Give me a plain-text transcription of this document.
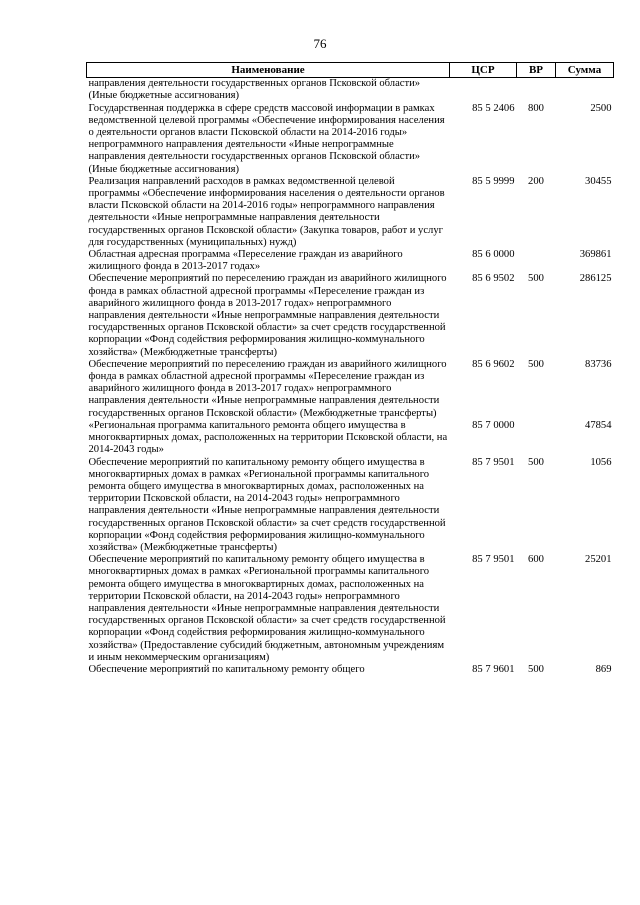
76
Наименование	ЦСР	ВР	Сумма
направления деятельности государственных органов Псковской области» (Иные бюджетные ассигнования)			
Государственная поддержка в сфере средств массовой информации в рамках ведомственной целевой программы «Обеспечение информирования населения о деятельности органов власти Псковской области на 2014-2016 годы» непрограммного направления деятельности «Иные непрограммные направления деятельности государственных органов Псковской области» (Иные бюджетные ассигнования)	85 5 2406	800	2500
Реализация направлений расходов в рамках ведомственной целевой программы «Обеспечение информирования населения о деятельности органов власти Псковской области на 2014-2016 годы» непрограммного направления деятельности «Иные непрограммные направления деятельности государственных органов Псковской области» (Закупка товаров, работ и услуг для государственных (муниципальных) нужд)	85 5 9999	200	30455
Областная адресная программа «Переселение граждан из аварийного жилищного фонда в 2013-2017 годах»	85 6 0000		369861
Обеспечение мероприятий по переселению граждан из аварийного жилищного фонда в рамках областной адресной программы «Переселение граждан из аварийного жилищного фонда в 2013-2017 годах» непрограммного направления деятельности «Иные непрограммные направления деятельности государственных органов Псковской области» за счет средств государственной корпорации «Фонд содействия реформирования жилищно-коммунального хозяйства» (Межбюджетные трансферты)	85 6 9502	500	286125
Обеспечение мероприятий по переселению граждан из аварийного жилищного фонда в рамках областной адресной программы «Переселение граждан из аварийного жилищного фонда в 2013-2017 годах» непрограммного направления деятельности «Иные непрограммные направления деятельности государственных органов Псковской области» (Межбюджетные трансферты)	85 6 9602	500	83736
«Региональная программа капитального ремонта общего имущества в многоквартирных домах, расположенных на территории Псковской области, на 2014-2043 годы»	85 7 0000		47854
Обеспечение мероприятий по капитальному ремонту общего имущества в многоквартирных домах в рамках «Региональной программы капитального ремонта общего имущества в многоквартирных домах, расположенных на территории Псковской области, на 2014-2043 годы» непрограммного направления деятельности «Иные непрограммные направления деятельности государственных органов Псковской области» за счет средств государственной корпорации «Фонд содействия реформирования жилищно-коммунального хозяйства» (Межбюджетные трансферты)	85 7 9501	500	1056
Обеспечение мероприятий по капитальному ремонту общего имущества в многоквартирных домах в рамках «Региональной программы капитального ремонта общего имущества в многоквартирных домах, расположенных на территории Псковской области, на 2014-2043 годы» непрограммного направления деятельности «Иные непрограммные направления деятельности государственных органов Псковской области» за счет средств государственной корпорации «Фонд содействия реформирования жилищно-коммунального хозяйства» (Предоставление субсидий бюджетным, автономным учреждениям и иным некоммерческим организациям)	85 7 9501	600	25201
Обеспечение мероприятий по капитальному ремонту общего	85 7 9601	500	869
